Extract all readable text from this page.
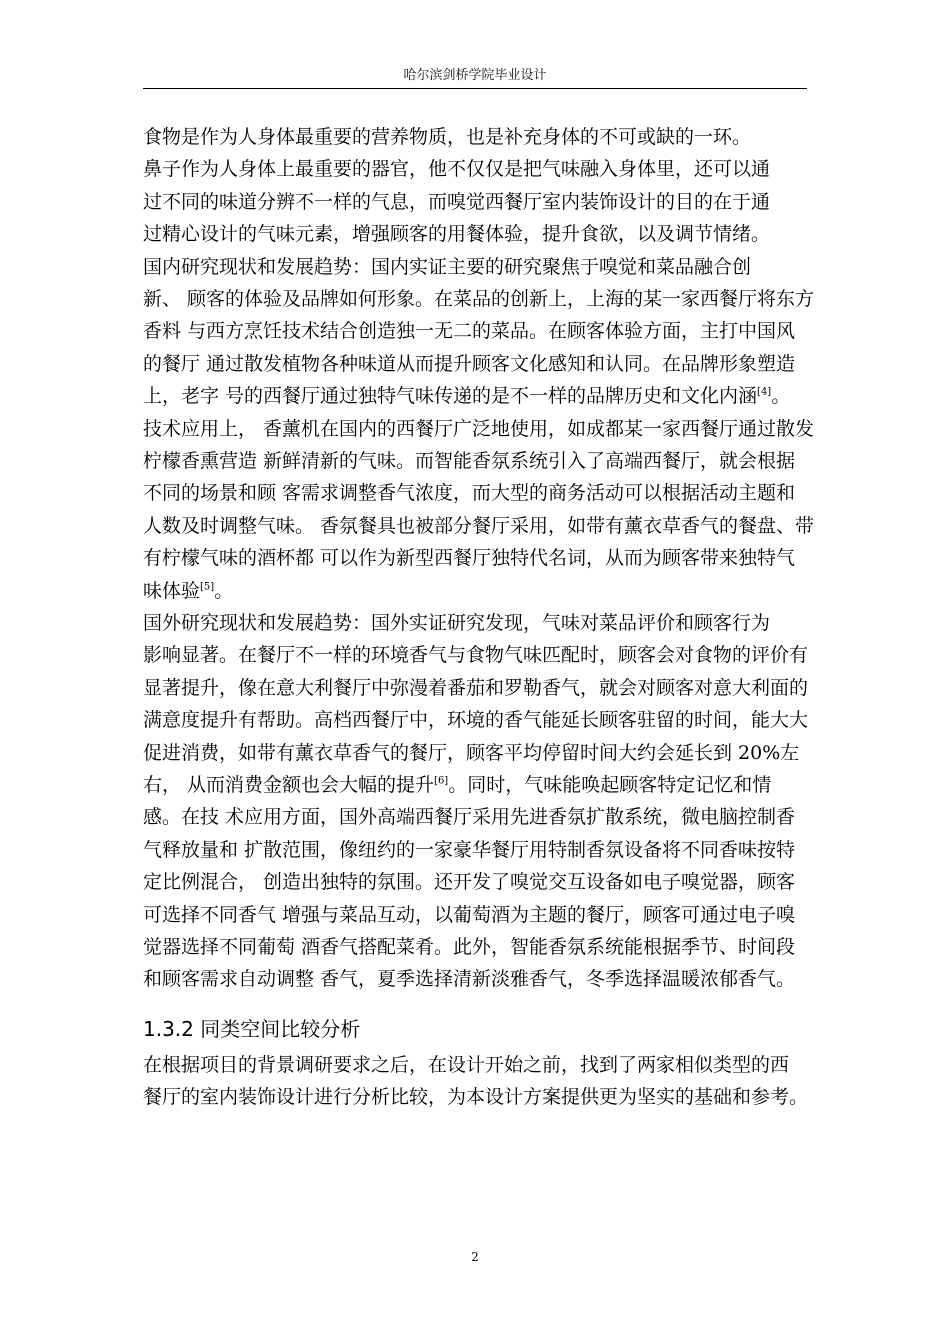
哈尔滨剑桥学院毕业设计
食物是作为人身体最重要的营养物质，也是补充身体的不可或缺的一环。
鼻子作为人身体上最重要的器官，他不仅仅是把气味融入身体里，还可以通
过不同的味道分辨不一样的气息，而嗅觉西餐厅室内装饰设计的目的在于通
过精心设计的气味元素，增强顾客的用餐体验，提升食欲，以及调节情绪。
国内研究现状和发展趋势：国内实证主要的研究聚焦于嗅觉和菜品融合创
新、 顾客的体验及品牌如何形象。在菜品的创新上，上海的某一家西餐厅将东方
香料 与西方烹饪技术结合创造独一无二的菜品。在顾客体验方面，主打中国风
的餐厅 通过散发植物各种味道从而提升顾客文化感知和认同。在品牌形象塑造
上，老字 号的西餐厅通过独特气味传递的是不一样的品牌历史和文化内涵[4]。
技术应用上， 香薰机在国内的西餐厅广泛地使用，如成都某一家西餐厅通过散发
柠檬香熏营造 新鲜清新的气味。而智能香氛系统引入了高端西餐厅，就会根据
不同的场景和顾 客需求调整香气浓度，而大型的商务活动可以根据活动主题和
人数及时调整气味。 香氛餐具也被部分餐厅采用，如带有薰衣草香气的餐盘、带
有柠檬气味的酒杯都 可以作为新型西餐厅独特代名词，从而为顾客带来独特气
味体验[5]。
国外研究现状和发展趋势：国外实证研究发现，气味对菜品评价和顾客行为
影响显著。在餐厅不一样的环境香气与食物气味匹配时，顾客会对食物的评价有
显著提升，像在意大利餐厅中弥漫着番茄和罗勒香气，就会对顾客对意大利面的
满意度提升有帮助。高档西餐厅中，环境的香气能延长顾客驻留的时间，能大大
促进消费，如带有薰衣草香气的餐厅，顾客平均停留时间大约会延长到 20%左
右， 从而消费金额也会大幅的提升[6]。同时，气味能唤起顾客特定记忆和情
感。在技 术应用方面，国外高端西餐厅采用先进香氛扩散系统，微电脑控制香
气释放量和 扩散范围，像纽约的一家豪华餐厅用特制香氛设备将不同香味按特
定比例混合， 创造出独特的氛围。还开发了嗅觉交互设备如电子嗅觉器，顾客
可选择不同香气 增强与菜品互动，以葡萄酒为主题的餐厅，顾客可通过电子嗅
觉器选择不同葡萄 酒香气搭配菜肴。此外，智能香氛系统能根据季节、时间段
和顾客需求自动调整 香气，夏季选择清新淡雅香气，冬季选择温暖浓郁香气。
1.3.2 同类空间比较分析
在根据项目的背景调研要求之后，在设计开始之前，找到了两家相似类型的西
餐厅的室内装饰设计进行分析比较，为本设计方案提供更为坚实的基础和参考。
2
